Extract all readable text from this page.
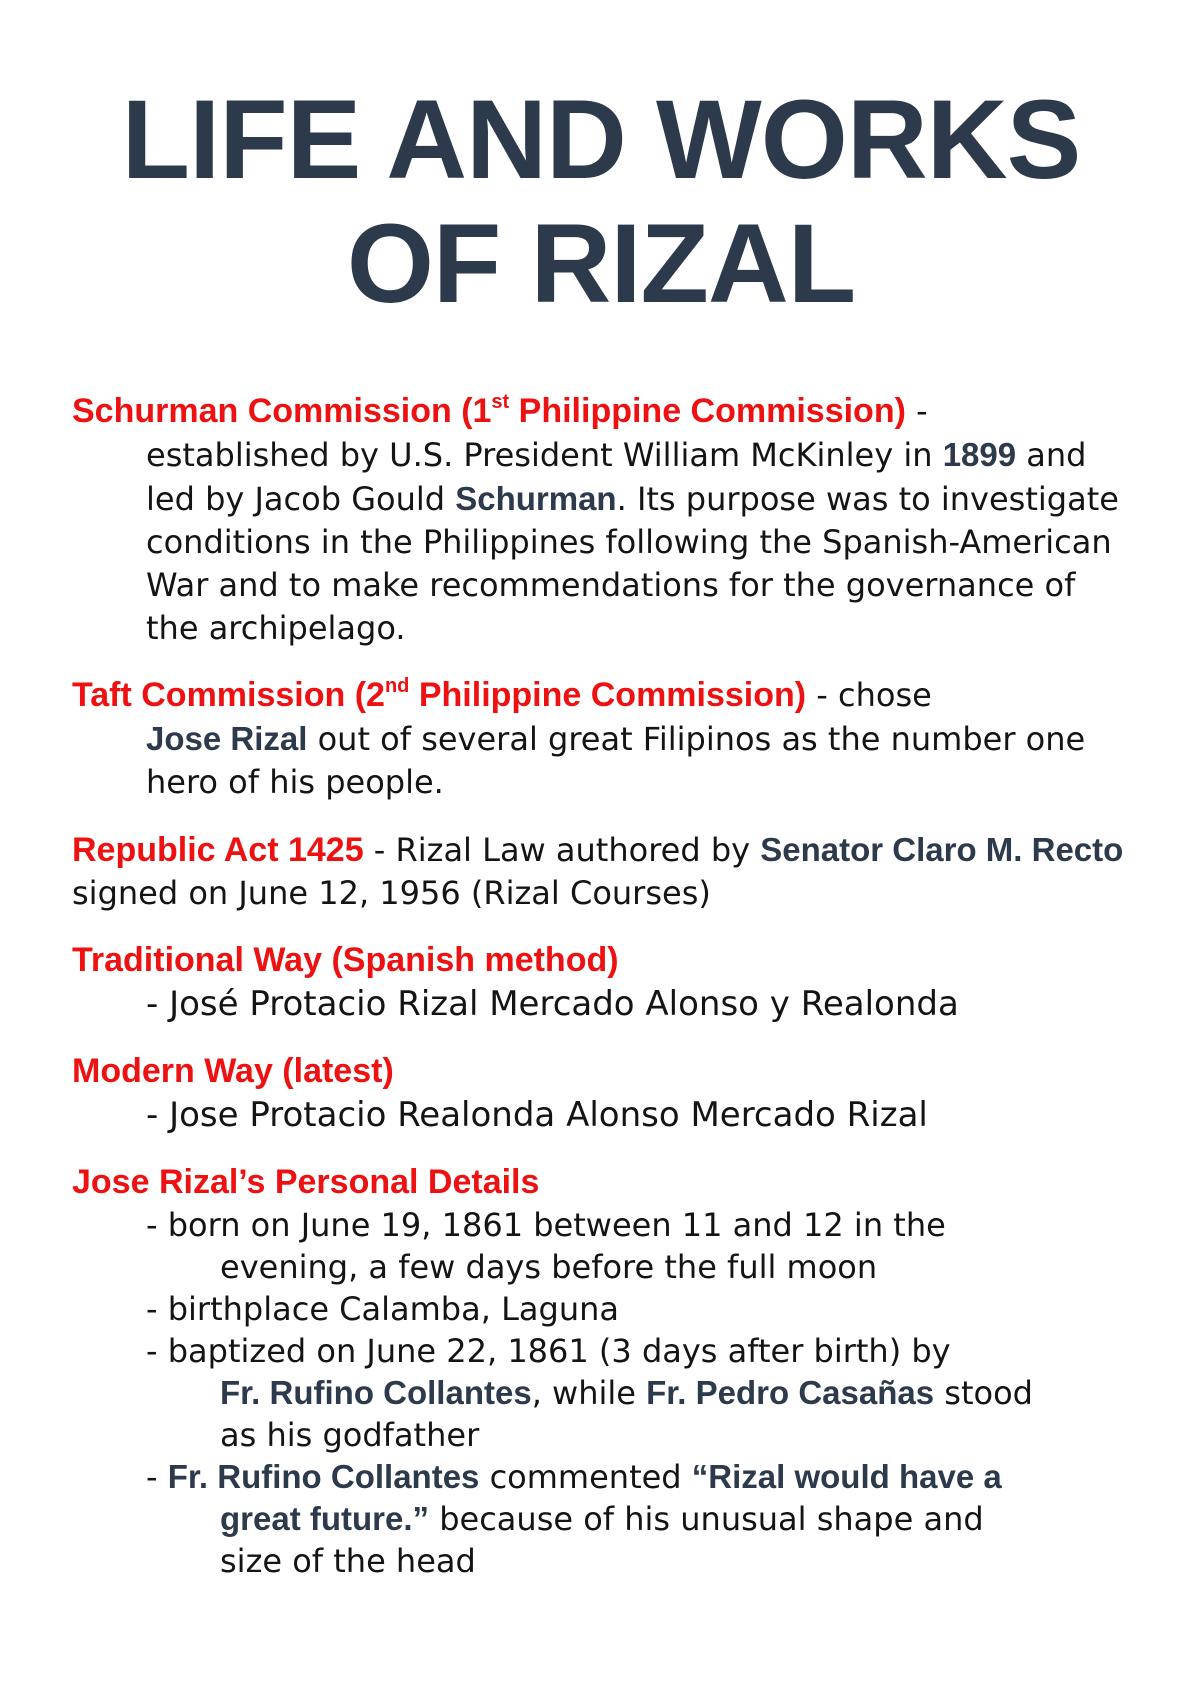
LIFE AND WORKS
OF RIZAL
Schurman Commission (1st Philippine Commission) -
established by U.S. President William McKinley in 1899 and led by Jacob Gould Schurman. Its purpose was to investigate conditions in the Philippines following the Spanish-American War and to make recommendations for the governance of the archipelago.
Taft Commission (2nd Philippine Commission) - chose
Jose Rizal out of several great Filipinos as the number one hero of his people.
Republic Act 1425 - Rizal Law authored by Senator Claro M. Recto signed on June 12, 1956 (Rizal Courses)
Traditional Way (Spanish method)
- José Protacio Rizal Mercado Alonso y Realonda
Modern Way (latest)
- Jose Protacio Realonda Alonso Mercado Rizal
Jose Rizal’s Personal Details
- born on June 19, 1861 between 11 and 12 in the
evening, a few days before the full moon
- birthplace Calamba, Laguna
- baptized on June 22, 1861 (3 days after birth) by
Fr. Rufino Collantes, while Fr. Pedro Casañas stood
as his godfather
- Fr. Rufino Collantes commented “Rizal would have a
great future.” because of his unusual shape and
size of the head
